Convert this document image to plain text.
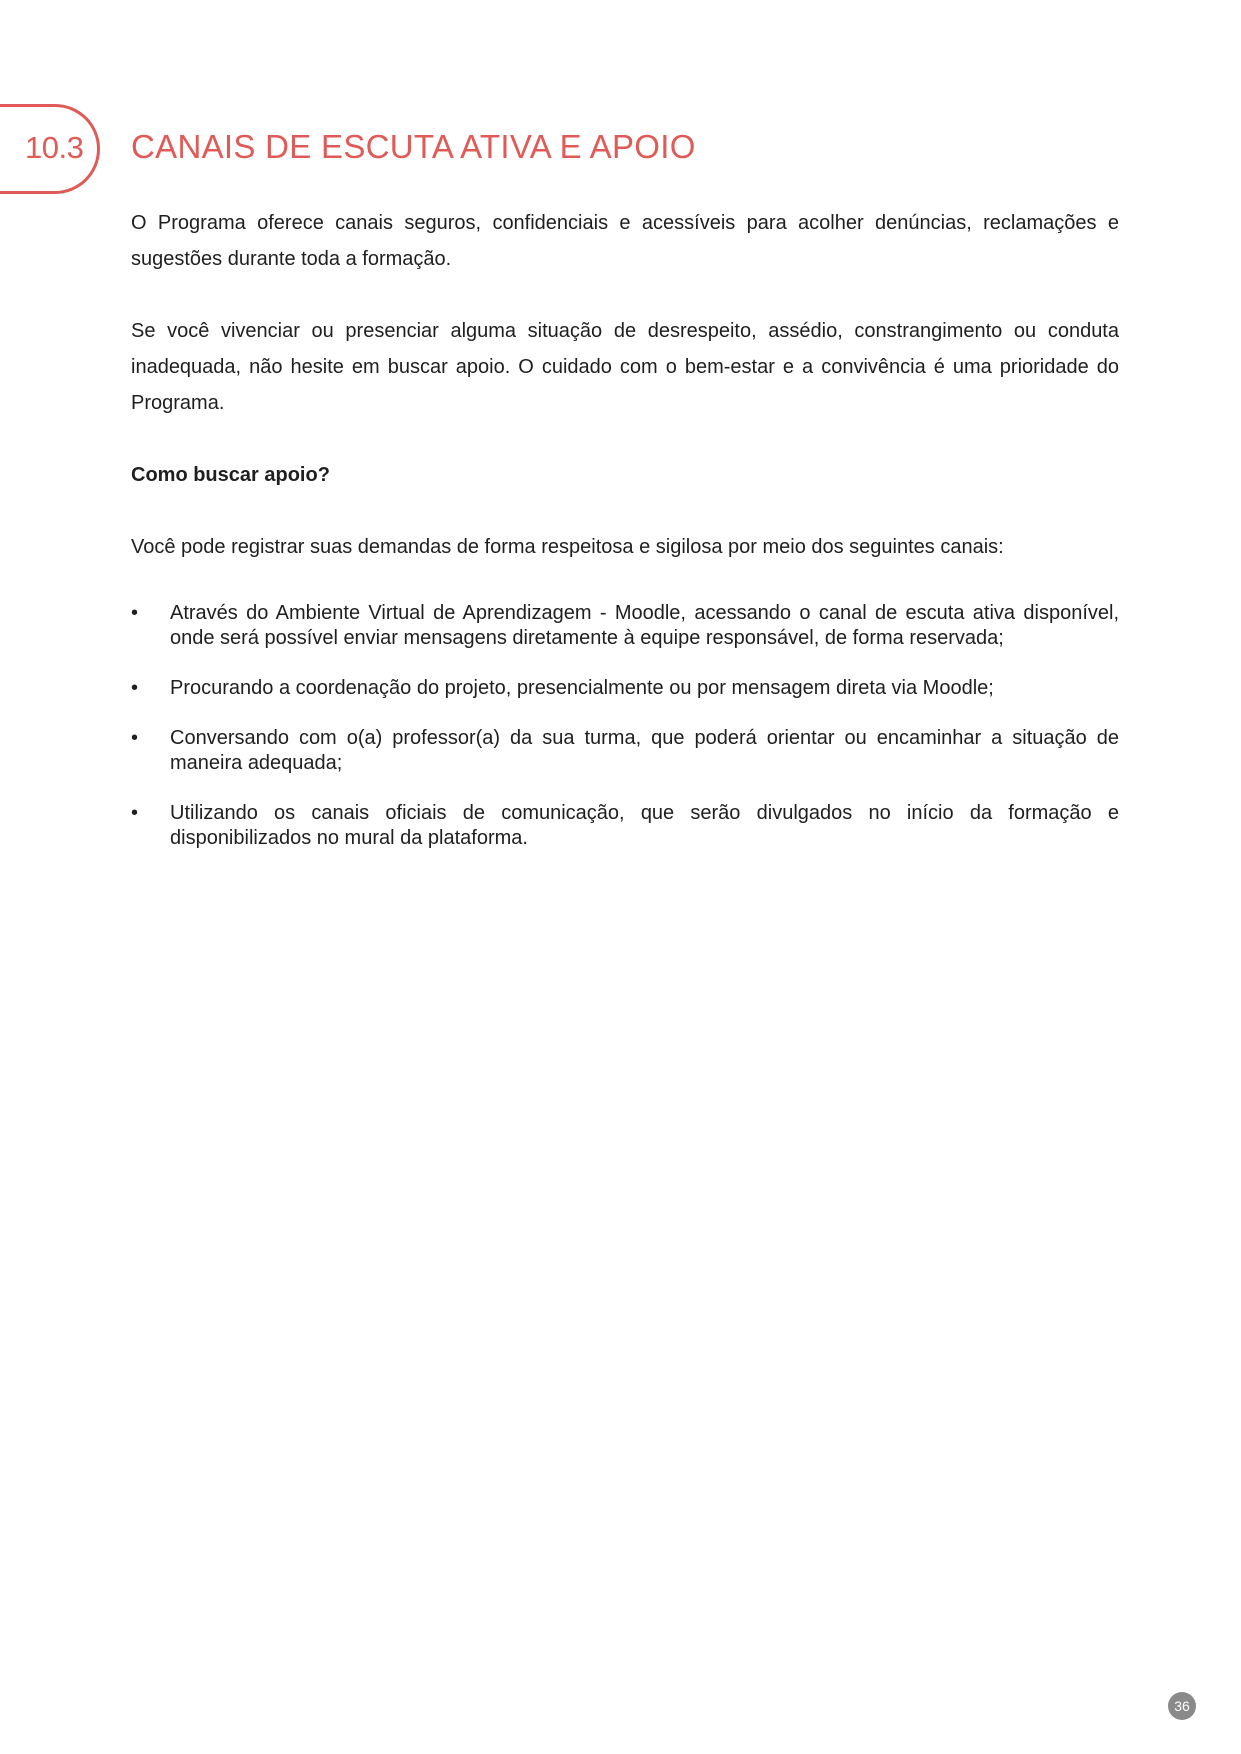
10.3 CANAIS DE ESCUTA ATIVA E APOIO

O Programa oferece canais seguros, confidenciais e acessíveis para acolher denúncias, reclamações e sugestões durante toda a formação.

Se você vivenciar ou presenciar alguma situação de desrespeito, assédio, constrangimento ou conduta inadequada, não hesite em buscar apoio. O cuidado com o bem-estar e a convivência é uma prioridade do Programa.

Como buscar apoio?

Você pode registrar suas demandas de forma respeitosa e sigilosa por meio dos seguintes canais:

• Através do Ambiente Virtual de Aprendizagem - Moodle, acessando o canal de escuta ativa disponível, onde será possível enviar mensagens diretamente à equipe responsável, de forma reservada;
• Procurando a coordenação do projeto, presencialmente ou por mensagem direta via Moodle;
• Conversando com o(a) professor(a) da sua turma, que poderá orientar ou encaminhar a situação de maneira adequada;
• Utilizando os canais oficiais de comunicação, que serão divulgados no início da formação e disponibilizados no mural da plataforma.
36
